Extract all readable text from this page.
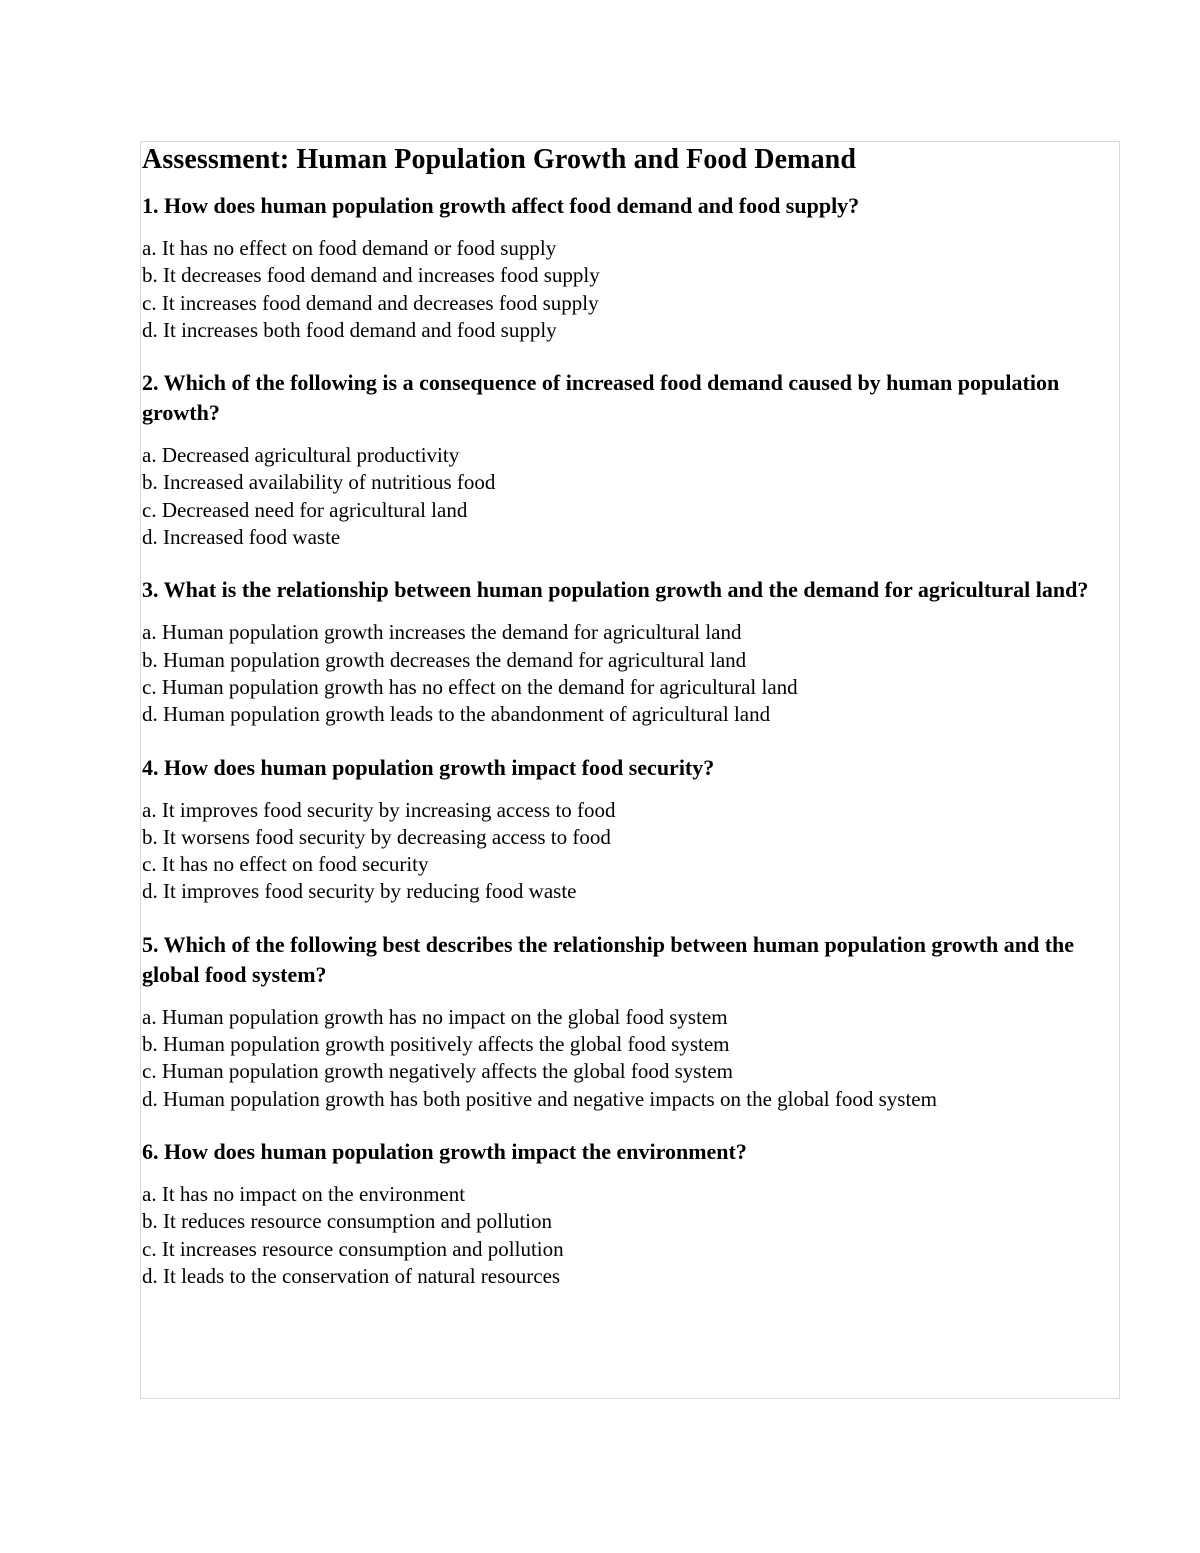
Assessment: Human Population Growth and Food Demand

1. How does human population growth affect food demand and food supply?

a. It has no effect on food demand or food supply
b. It decreases food demand and increases food supply
c. It increases food demand and decreases food supply
d. It increases both food demand and food supply

2. Which of the following is a consequence of increased food demand caused by human population growth?

a. Decreased agricultural productivity
b. Increased availability of nutritious food
c. Decreased need for agricultural land
d. Increased food waste

3. What is the relationship between human population growth and the demand for agricultural land?

a. Human population growth increases the demand for agricultural land
b. Human population growth decreases the demand for agricultural land
c. Human population growth has no effect on the demand for agricultural land
d. Human population growth leads to the abandonment of agricultural land

4. How does human population growth impact food security?

a. It improves food security by increasing access to food
b. It worsens food security by decreasing access to food
c. It has no effect on food security
d. It improves food security by reducing food waste

5. Which of the following best describes the relationship between human population growth and the global food system?

a. Human population growth has no impact on the global food system
b. Human population growth positively affects the global food system
c. Human population growth negatively affects the global food system
d. Human population growth has both positive and negative impacts on the global food system

6. How does human population growth impact the environment?

a. It has no impact on the environment
b. It reduces resource consumption and pollution
c. It increases resource consumption and pollution
d. It leads to the conservation of natural resources
